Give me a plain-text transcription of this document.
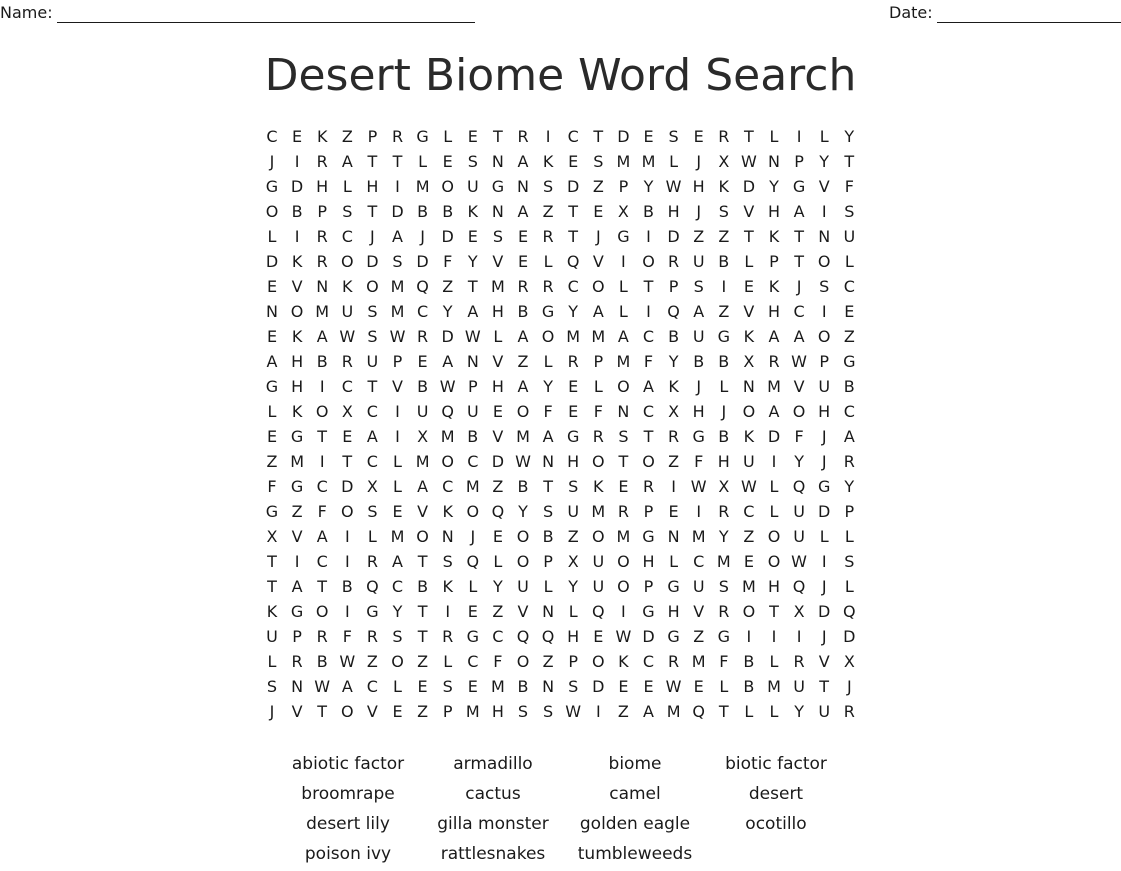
Name:	Date:
Desert Biome Word Search
C E K Z P R G L E T R	I	C T D E S E R T L	I	L Y
J	I	R A T T L E S N A K E S M M L	J	X W N P Y T
G D H L H	I M O U G N S D Z P Y W H K D Y G V F
O B P S T D B B K N A Z T E X B H	J	S V H A	I	S
L	I	R C	J	A	J	D E S E R T	J	G	I	D Z Z T K T N U
D K R O D S D F Y V E L Q V	I	O R U B L P T O L
E V N K O M Q Z T M R R C O L T P S	I	E K	J	S C
N O M U S M C Y A H B G Y A L	I	Q A Z V H C	I	E
E K A W S W R D W L A O M M A C B U G K A A O Z
A H B R U P E A N V Z L R P M F Y B B X R W P G
G H	I	C T V B W P H A Y E L O A K	J	L N M V U B
L K O X C	I	U Q U E O F E F N C X H	J	O A O H C
E G T E A	I	X M B V M A G R S T R G B K D F	J	A
Z M I	T C L M O C D W N H O T O Z F H U	I	Y	J	R
F G C D X L A C M Z B T S K E R	I W X W L Q G Y
G Z F O S E V K O Q Y S U M R P E	I	R C L U D P
X V A	I	L M O N	J	E O B Z O M G N M Y Z O U L	L
T	I	C	I	R A T S Q L O P X U O H L C M E O W I	S
T A T B Q C B K L Y U L Y U O P G U S M H Q	J	L
K G O	I	G Y T	I	E Z V N L Q	I	G H V R O T X D Q
U P R F R S T R G C Q Q H E W D G Z G	I	I	I	J	D
L R B W Z O Z L C F O Z P O K C R M F B L R V X
S N W A C L E S E M B N S D E E W E L B M U T	J
J	V T O V E Z P M H S S W I	Z A M Q T L	L Y U R
abiotic factor	armadillo	biome	biotic factor
broomrape	cactus	camel	desert
desert lily	gilla monster	golden eagle	ocotillo
poison ivy	rattlesnakes	tumbleweeds
